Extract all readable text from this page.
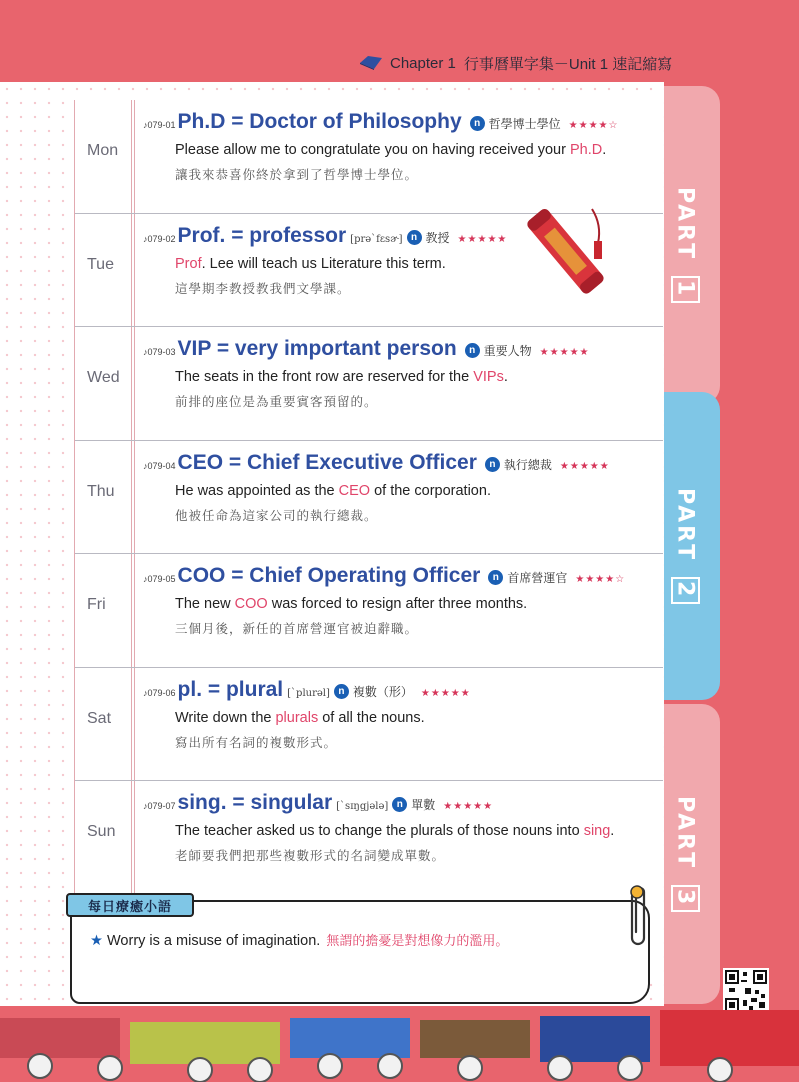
Chapter 1 行事曆單字集－Unit 1 速記縮寫
PART 1
PART 2
PART 3
Mon
♪079-01 Ph.D = Doctor of Philosophy	n 哲學博士學位 ★★★★☆
Please allow me to congratulate you on having received your Ph.D.
讓我來恭喜你終於拿到了哲學博士學位。
Tue
♪079-02 Prof. = professor [prə`fɛsɚ] n 教授 ★★★★★
Prof. Lee will teach us Literature this term.
這學期李教授教我們文學課。
Wed
♪079-03 VIP = very important person	n 重要人物 ★★★★★
The seats in the front row are reserved for the VIPs.
前排的座位是為重要賓客預留的。
Thu
♪079-04 CEO = Chief Executive Officer	n 執行總裁 ★★★★★
He was appointed as the CEO of the corporation.
他被任命為這家公司的執行總裁。
Fri
♪079-05 COO = Chief Operating Officer	n 首席營運官 ★★★★☆
The new COO was forced to resign after three months.
三個月後，新任的首席營運官被迫辭職。
Sat
♪079-06 pl. = plural [`plurəl] n 複數（形） ★★★★★
Write down the plurals of all the nouns.
寫出所有名詞的複數形式。
Sun
♪079-07 sing. = singular [`sɪŋgjələ] n 單數 ★★★★★
The teacher asked us to change the plurals of those nouns into sing.
老師要我們把那些複數形式的名詞變成單數。
每日療癒小語
★ Worry is a misuse of imagination. 無謂的擔憂是對想像力的濫用。
